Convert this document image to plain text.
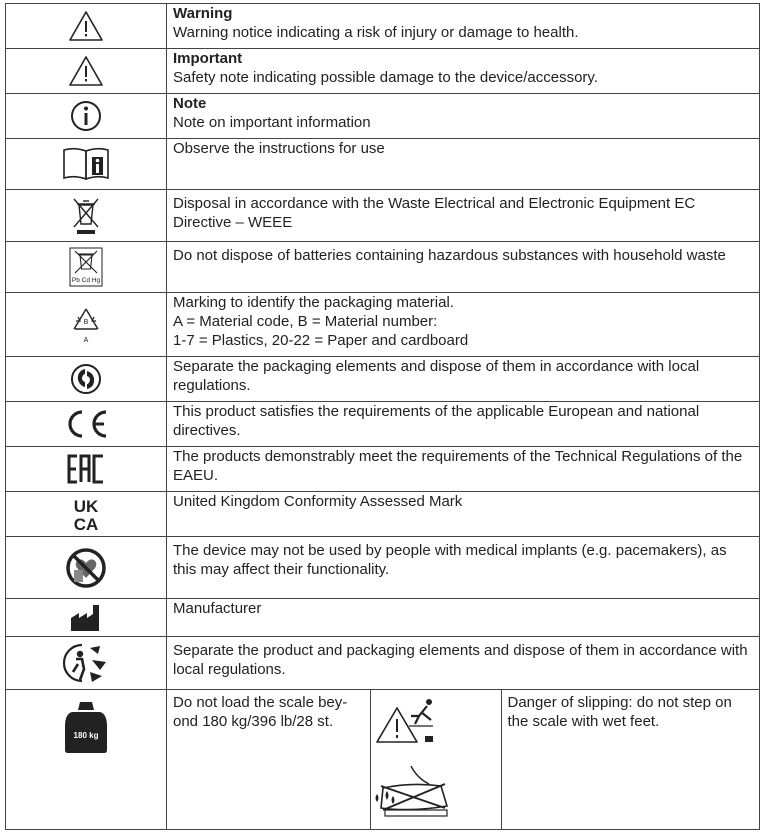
Warning
Warning notice indicating a risk of injury or damage to health.

Important
Safety note indicating possible damage to the device/accessory.

Note
Note on important information

Observe the instructions for use

Disposal in accordance with the Waste Electrical and Electronic Equipment EC Directive – WEEE

Pb Cd Hg

Do not dispose of batteries containing hazardous substances with household waste

B
A

Marking to identify the packaging material.
A = Material code, B = Material number:
1-7 = Plastics, 20-22 = Paper and cardboard

Separate the packaging elements and dispose of them in accordance with local regulations.

This product satisfies the requirements of the applicable European and national directives.

The products demonstrably meet the requirements of the Technical Regulations of the EAEU.

UK
CA

United Kingdom Conformity Assessed Mark

The device may not be used by people with medical implants (e.g. pacemakers), as this may affect their functionality.

Manufacturer

Separate the product and packaging elements and dispose of them in accordance with local regulations.

180 kg

Do not load the scale bey-ond 180 kg/396 lb/28 st.		Danger of slipping: do not step on the scale with wet feet.
